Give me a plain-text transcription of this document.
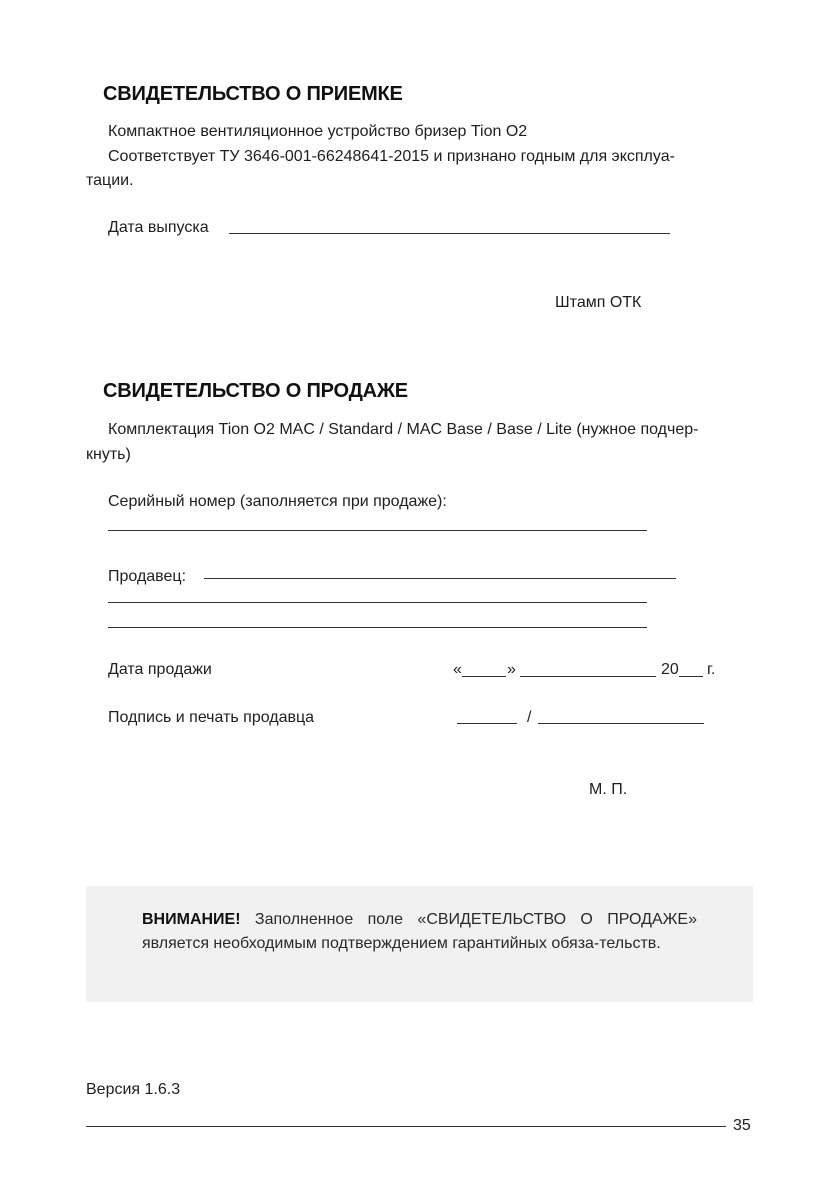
СВИДЕТЕЛЬСТВО О ПРИЕМКЕ
Компактное вентиляционное устройство бризер Tion O2
Соответствует ТУ 3646-001-66248641-2015 и признано годным для эксплуа-
тации.
Дата выпуска
Штамп ОТК
СВИДЕТЕЛЬСТВО О ПРОДАЖЕ
Комплектация Tion O2 MAC / Standard / MAC Base / Base / Lite (нужное подчер-
кнуть)
Серийный номер (заполняется при продаже):
Продавец:
Дата продажи	«	»	20 г.
Подпись и печать продавца	/
М. П.
ВНИМАНИЕ! Заполненное поле «СВИДЕТЕЛЬСТВО О ПРОДАЖЕ» является необходимым подтверждением гарантийных обяза-тельств.
Версия 1.6.3
35
